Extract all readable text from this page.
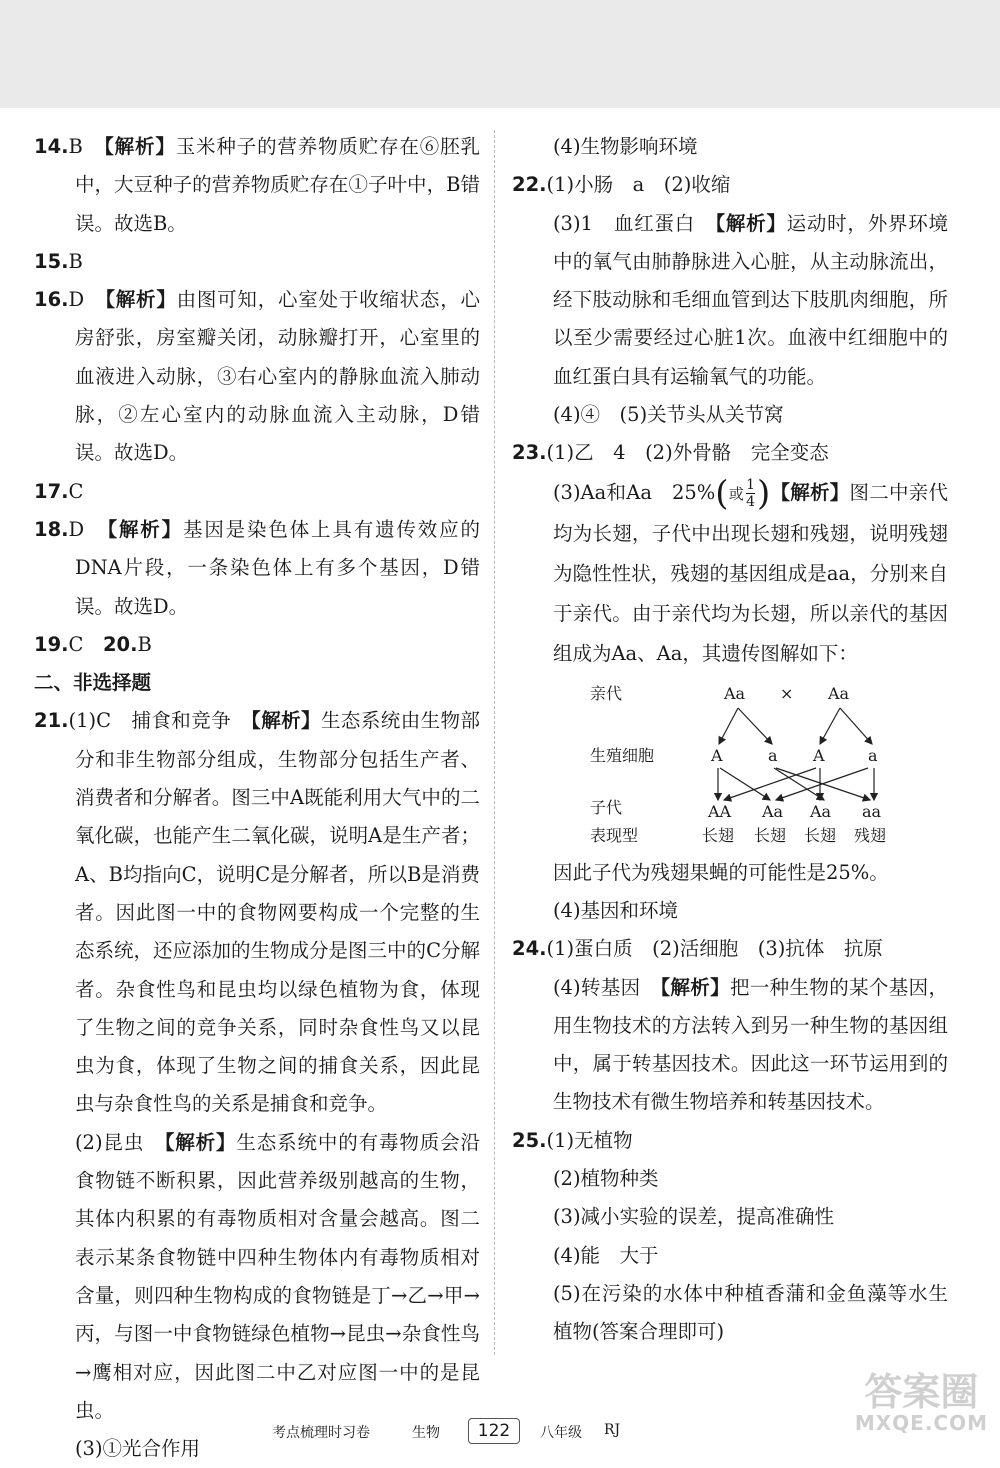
14.B　 【解析】玉米种子的营养物质贮存在⑥胚乳中，大豆种子的营养物质贮存在①子叶中，B错误。故选B。

15.B

16.D　 【解析】由图可知，心室处于收缩状态，心房舒张，房室瓣关闭，动脉瓣打开，心室里的血液进入动脉，③右心室内的静脉血流入肺动脉，②左心室内的动脉血流入主动脉，D错误。故选D。

17.C

18.D　 【解析】基因是染色体上具有遗传效应的DNA片段，一条染色体上有多个基因，D错误。故选D。

19.C　 20.B

二、非选择题

21.(1)C　捕食和竞争　【解析】生态系统由生物部分和非生物部分组成，生物部分包括生产者、消费者和分解者。图三中A既能利用大气中的二氧化碳，也能产生二氧化碳，说明A是生产者；A、B均指向C，说明C是分解者，所以B是消费者。因此图一中的食物网要构成一个完整的生态系统，还应添加的生物成分是图三中的C分解者。杂食性鸟和昆虫均以绿色植物为食，体现了生物之间的竞争关系，同时杂食性鸟又以昆虫为食，体现了生物之间的捕食关系，因此昆虫与杂食性鸟的关系是捕食和竞争。

(2)昆虫　【解析】生态系统中的有毒物质会沿食物链不断积累，因此营养级别越高的生物，其体内积累的有毒物质相对含量会越高。图二表示某条食物链中四种生物体内有毒物质相对含量，则四种生物构成的食物链是丁→乙→甲→丙，与图一中食物链绿色植物→昆虫→杂食性鸟→鹰相对应，因此图二中乙对应图一中的是昆虫。

(3)①光合作用

(4)生物影响环境

22.(1)小肠　a　(2)收缩

(3)1　血红蛋白　【解析】运动时，外界环境中的氧气由肺静脉进入心脏，从主动脉流出，经下肢动脉和毛细血管到达下肢肌肉细胞，所以至少需要经过心脏1次。血液中红细胞中的血红蛋白具有运输氧气的功能。

(4)④　(5)关节头从关节窝

23.(1)乙　4　(2)外骨骼　完全变态

(3)Aa和Aa　25%(或 $\frac{1}{4}$ )【解析】图二中亲代均为长翅，子代中出现长翅和残翅，说明残翅为隐性性状，残翅的基因组成是aa，分别来自于亲代。由于亲代均为长翅，所以亲代的基因组成为Aa、Aa，其遗传图解如下：

亲代	Aa × Aa
生殖细胞	A	a A	a
子代	AA Aa Aa aa
表现型	长翅 长翅 长翅 残翅

因此子代为残翅果蝇的可能性是25%。

(4)基因和环境

24.(1)蛋白质　(2)活细胞　(3)抗体　抗原

(4)转基因　【解析】把一种生物的某个基因，用生物技术的方法转入到另一种生物的基因组中，属于转基因技术。因此这一环节运用到的生物技术有微生物培养和转基因技术。

25.(1)无植物

(2)植物种类

(3)减小实验的误差，提高准确性

(4)能　大于

(5)在污染的水体中种植香蒲和金鱼藻等水生植物(答案合理即可)

考点梳理时习卷	生物	122	八年级 RJ
答案圈
MXQE.COM
